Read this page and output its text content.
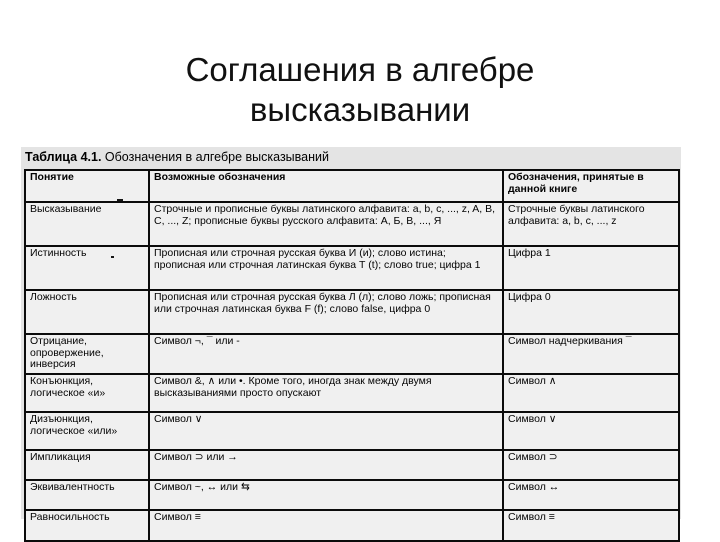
Соглашения в алгебре
высказывании
Таблица 4.1. Обозначения в алгебре высказываний
Понятие	Возможные обозначения	Обозначения, принятые в данной книге
Высказывание	Строчные и прописные буквы латинского алфавита: a, b, c, ..., z, A, B, C, ..., Z; прописные буквы русского алфавита: А, Б, В, ..., Я	Строчные буквы латинского алфавита: a, b, c, ..., z
Истинность	Прописная или строчная русская буква И (и); слово истина; прописная или строчная латинская буква Т (t); слово true; цифра 1	Цифра 1
Ложность	Прописная или строчная русская буква Л (л); слово ложь; прописная или строчная латинская буква F (f); слово false, цифра 0	Цифра 0
Отрицание, опровержение, инверсия	Символ ¬, ¯ или -	Символ надчеркивания ¯
Конъюнкция, логическое «и»	Символ &, ∧ или •. Кроме того, иногда знак между двумя высказываниями просто опускают	Символ ∧
Дизъюнкция, логическое «или»	Символ ∨	Символ ∨
Импликация	Символ ⊃ или →	Символ ⊃
Эквивалентность	Символ ~, ↔ или ⇆	Символ ↔
Равносильность	Символ ≡	Символ ≡
